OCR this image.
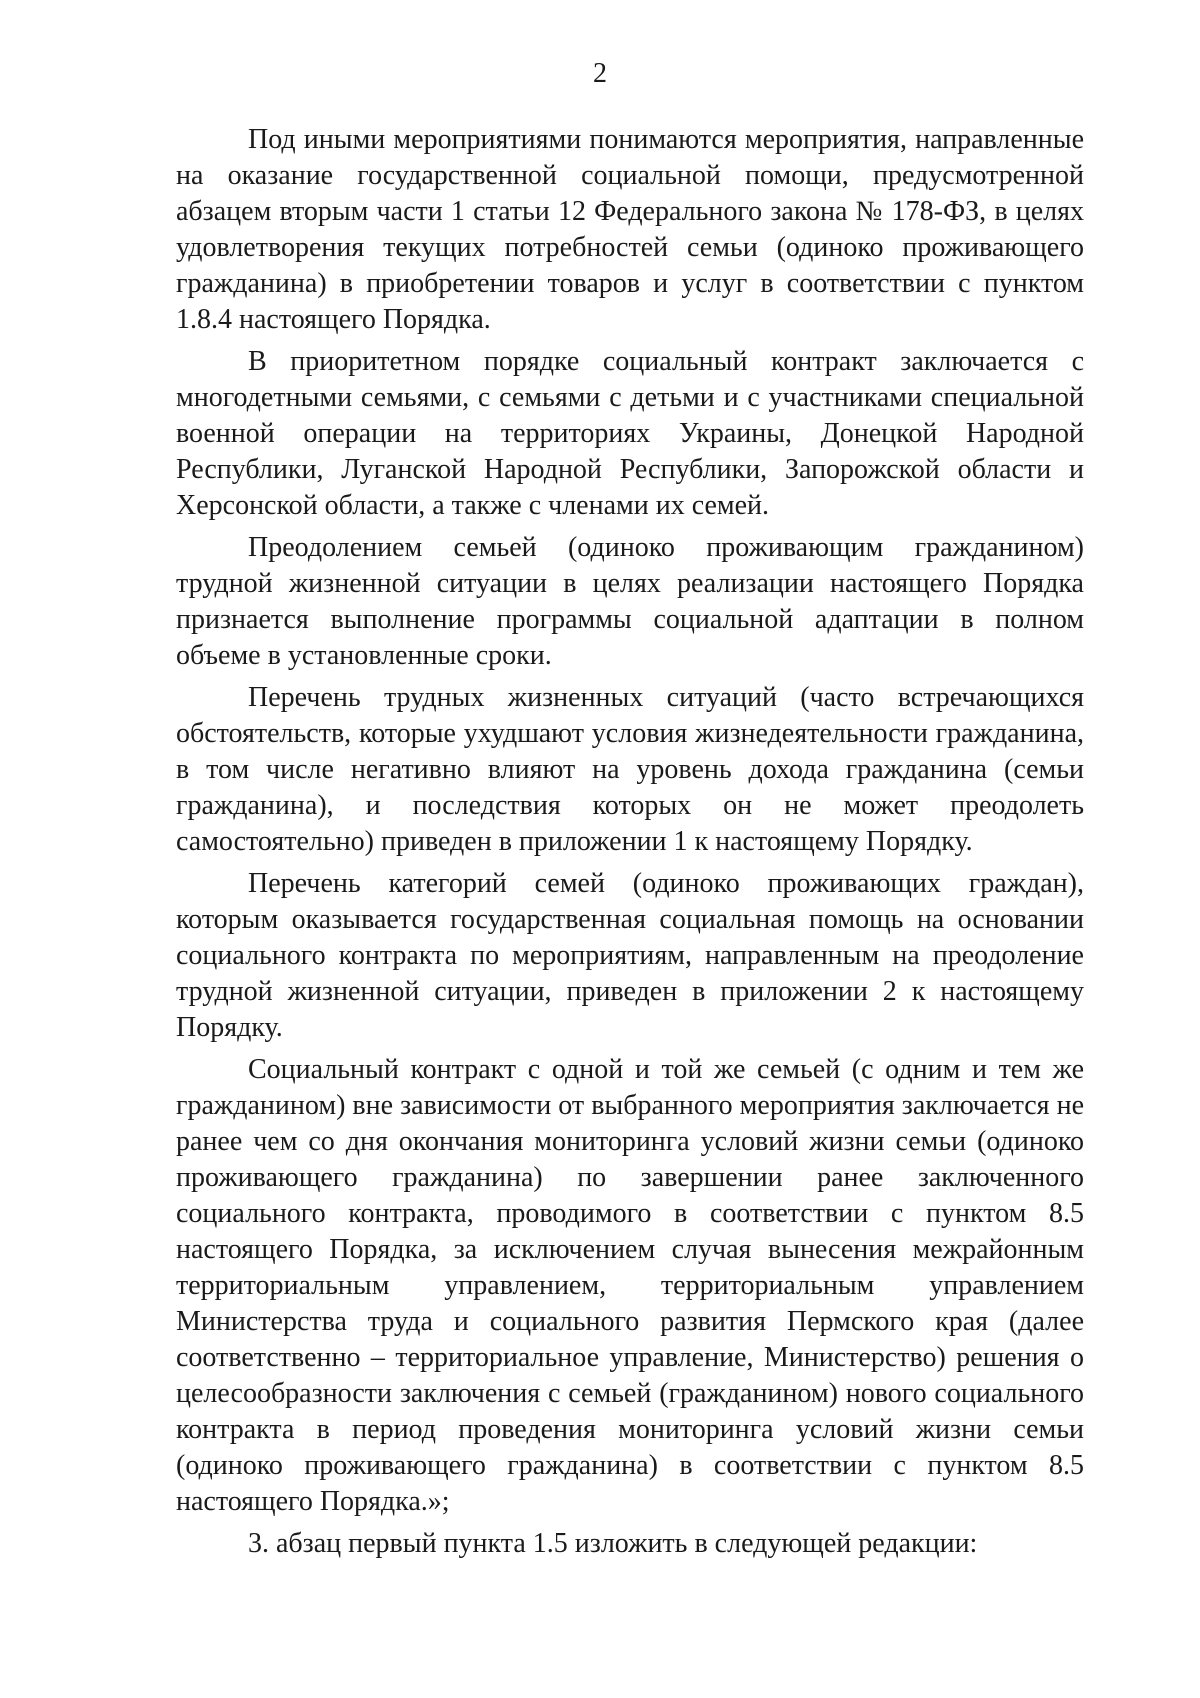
2

Под иными мероприятиями понимаются мероприятия, направленные на оказание государственной социальной помощи, предусмотренной абзацем вторым части 1 статьи 12 Федерального закона № 178-ФЗ, в целях удовлетворения текущих потребностей семьи (одиноко проживающего гражданина) в приобретении товаров и услуг в соответствии с пунктом 1.8.4 настоящего Порядка.

В приоритетном порядке социальный контракт заключается с многодетными семьями, с семьями с детьми и с участниками специальной военной операции на территориях Украины, Донецкой Народной Республики, Луганской Народной Республики, Запорожской области и Херсонской области, а также с членами их семей.

Преодолением семьей (одиноко проживающим гражданином) трудной жизненной ситуации в целях реализации настоящего Порядка признается выполнение программы социальной адаптации в полном объеме в установленные сроки.

Перечень трудных жизненных ситуаций (часто встречающихся обстоятельств, которые ухудшают условия жизнедеятельности гражданина, в том числе негативно влияют на уровень дохода гражданина (семьи гражданина), и последствия которых он не может преодолеть самостоятельно) приведен в приложении 1 к настоящему Порядку.

Перечень категорий семей (одиноко проживающих граждан), которым оказывается государственная социальная помощь на основании социального контракта по мероприятиям, направленным на преодоление трудной жизненной ситуации, приведен в приложении 2 к настоящему Порядку.

Социальный контракт с одной и той же семьей (с одним и тем же гражданином) вне зависимости от выбранного мероприятия заключается не ранее чем со дня окончания мониторинга условий жизни семьи (одиноко проживающего гражданина) по завершении ранее заключенного социального контракта, проводимого в соответствии с пунктом 8.5 настоящего Порядка, за исключением случая вынесения межрайонным территориальным управлением, территориальным управлением Министерства труда и социального развития Пермского края (далее соответственно – территориальное управление, Министерство) решения о целесообразности заключения с семьей (гражданином) нового социального контракта в период проведения мониторинга условий жизни семьи (одиноко проживающего гражданина) в соответствии с пунктом 8.5 настоящего Порядка.»;

3. абзац первый пункта 1.5 изложить в следующей редакции:
